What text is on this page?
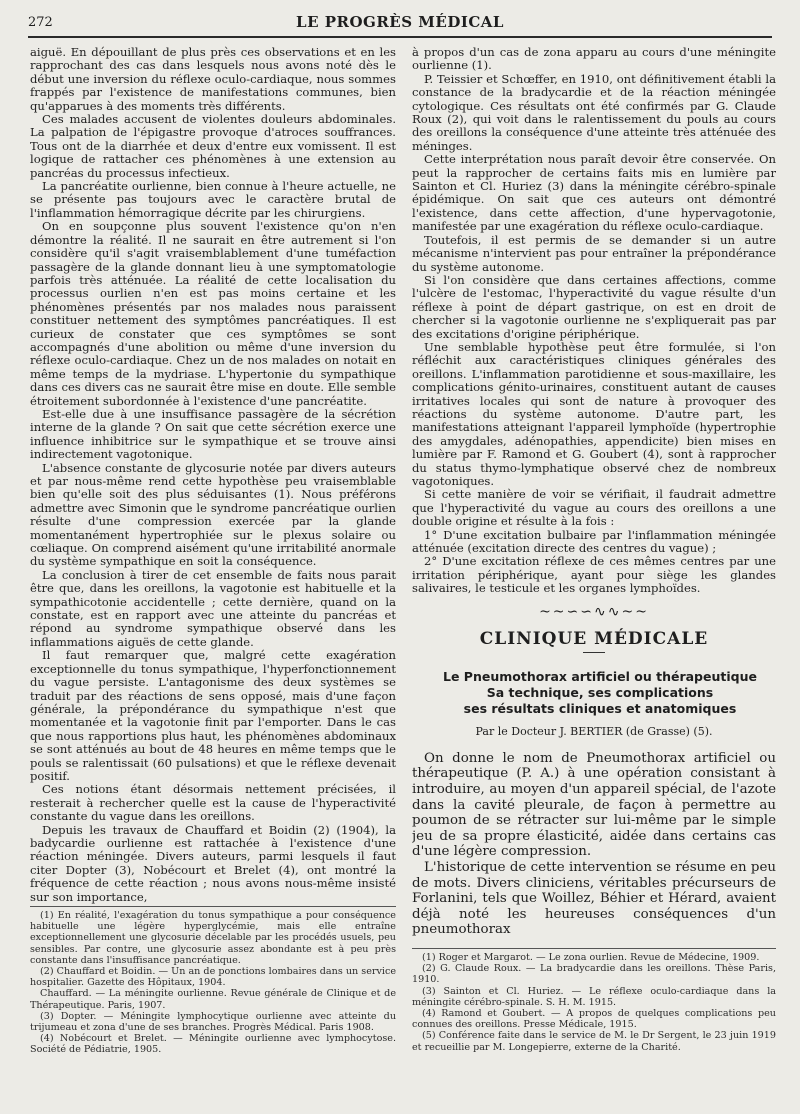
272	LE PROGRÈS MÉDICAL

aiguë. En dépouillant de plus près ces observations et en les rapprochant des cas dans lesquels nous avons noté dès le début une inversion du réflexe oculo-cardiaque, nous sommes frappés par l'existence de manifestations communes, bien qu'apparues à des moments très différents.

Ces malades accusent de violentes douleurs abdominales. La palpation de l'épigastre provoque d'atroces souffrances. Tous ont de la diarrhée et deux d'entre eux vomissent. Il est logique de rattacher ces phénomènes à une extension au pancréas du processus infectieux.

La pancréatite ourlienne, bien connue à l'heure actuelle, ne se présente pas toujours avec le caractère brutal de l'inflammation hémorragique décrite par les chirurgiens.

On en soupçonne plus souvent l'existence qu'on n'en démontre la réalité. Il ne saurait en être autrement si l'on considère qu'il s'agit vraisemblablement d'une tuméfaction passagère de la glande donnant lieu à une symptomatologie parfois très atténuée. La réalité de cette localisation du processus ourlien n'en est pas moins certaine et les phénomènes présentés par nos malades nous paraissent constituer nettement des symptômes pancréatiques. Il est curieux de constater que ces symptômes se sont accompagnés d'une abolition ou même d'une inversion du réflexe oculo-cardiaque. Chez un de nos malades on notait en même temps de la mydriase. L'hypertonie du sympathique dans ces divers cas ne saurait être mise en doute. Elle semble étroitement subordonnée à l'existence d'une pancréatite.

Est-elle due à une insuffisance passagère de la sécrétion interne de la glande ? On sait que cette sécrétion exerce une influence inhibitrice sur le sympathique et se trouve ainsi indirectement vagotonique.

L'absence constante de glycosurie notée par divers auteurs et par nous-même rend cette hypothèse peu vraisemblable bien qu'elle soit des plus séduisantes (1). Nous préférons admettre avec Simonin que le syndrome pancréatique ourlien résulte d'une compression exercée par la glande momentanément hypertrophiée sur le plexus solaire ou cœliaque. On comprend aisément qu'une irritabilité anormale du système sympathique en soit la conséquence.

La conclusion à tirer de cet ensemble de faits nous parait être que, dans les oreillons, la vagotonie est habituelle et la sympathicotonie accidentelle ; cette dernière, quand on la constate, est en rapport avec une atteinte du pancréas et répond au syndrome sympathique observé dans les inflammations aiguës de cette glande.

Il faut remarquer que, malgré cette exagération exceptionnelle du tonus sympathique, l'hyperfonctionnement du vague persiste. L'antagonisme des deux systèmes se traduit par des réactions de sens opposé, mais d'une façon générale, la prépondérance du sympathique n'est que momentanée et la vagotonie finit par l'emporter. Dans le cas que nous rapportions plus haut, les phénomènes abdominaux se sont atténués au bout de 48 heures en même temps que le pouls se ralentissait (60 pulsations) et que le réflexe devenait positif.

Ces notions étant désormais nettement précisées, il resterait à rechercher quelle est la cause de l'hyperactivité constante du vague dans les oreillons.

Depuis les travaux de Chauffard et Boidin (2) (1904), la badycardie ourlienne est rattachée à l'existence d'une réaction méningée. Divers auteurs, parmi lesquels il faut citer Dopter (3), Nobécourt et Brelet (4), ont montré la fréquence de cette réaction ; nous avons nous-même insisté sur son importance,

(1) En réalité, l'exagération du tonus sympathique a pour conséquence habituelle une légère hyperglycémie, mais elle entraîne exceptionnellement une glycosurie décelable par les procédés usuels, peu sensibles. Par contre, une glycosurie assez abondante est à peu près constante dans l'insuffisance pancréatique.

(2) Chauffard et Boidin. — Un an de ponctions lombaires dans un service hospitalier. Gazette des Hôpitaux, 1904.

Chauffard. — La méningite ourlienne. Revue générale de Clinique et de Thérapeutique. Paris, 1907.

(3) Dopter. — Méningite lymphocytique ourlienne avec atteinte du trijumeau et zona d'une de ses branches. Progrès Médical. Paris 1908.

(4) Nobécourt et Brelet. — Méningite ourlienne avec lymphocytose. Société de Pédiatrie, 1905.

à propos d'un cas de zona apparu au cours d'une méningite ourlienne (1).

P. Teissier et Schœffer, en 1910, ont définitivement établi la constance de la bradycardie et de la réaction méningée cytologique. Ces résultats ont été confirmés par G. Claude Roux (2), qui voit dans le ralentissement du pouls au cours des oreillons la conséquence d'une atteinte très atténuée des méninges.

Cette interprétation nous paraît devoir être conservée. On peut la rapprocher de certains faits mis en lumière par Sainton et Cl. Huriez (3) dans la méningite cérébro-spinale épidémique. On sait que ces auteurs ont démontré l'existence, dans cette affection, d'une hypervagotonie, manifestée par une exagération du réflexe oculo-cardiaque.

Toutefois, il est permis de se demander si un autre mécanisme n'intervient pas pour entraîner la prépondérance du système autonome.

Si l'on considère que dans certaines affections, comme l'ulcère de l'estomac, l'hyperactivité du vague résulte d'un réflexe à point de départ gastrique, on est en droit de chercher si la vagotonie ourlienne ne s'expliquerait pas par des excitations d'origine périphérique.

Une semblable hypothèse peut être formulée, si l'on réfléchit aux caractéristiques cliniques générales des oreillons. L'inflammation parotidienne et sous-maxillaire, les complications génito-urinaires, constituent autant de causes irritatives locales qui sont de nature à provoquer des réactions du système autonome. D'autre part, les manifestations atteignant l'appareil lymphoïde (hypertrophie des amygdales, adénopathies, appendicite) bien mises en lumière par F. Ramond et G. Goubert (4), sont à rapprocher du status thymo-lymphatique observé chez de nombreux vagotoniques.

Si cette manière de voir se vérifiait, il faudrait admettre que l'hyperactivité du vague au cours des oreillons a une double origine et résulte à la fois :

1° D'une excitation bulbaire par l'inflammation méningée atténuée (excitation directe des centres du vague) ;

2° D'une excitation réflexe de ces mêmes centres par une irritation périphérique, ayant pour siège les glandes salivaires, le testicule et les organes lymphoïdes.

~~∽∽∿∿~~
CLINIQUE MÉDICALE

Le Pneumothorax artificiel ou thérapeutique

Sa technique, ses complications

ses résultats cliniques et anatomiques

Par le Docteur J. BERTIER (de Grasse) (5).

On donne le nom de Pneumothorax artificiel ou thérapeutique (P. A.) à une opération consistant à introduire, au moyen d'un appareil spécial, de l'azote dans la cavité pleurale, de façon à permettre au poumon de se rétracter sur lui-même par le simple jeu de sa propre élasticité, aidée dans certains cas d'une légère compression.

L'historique de cette intervention se résume en peu de mots. Divers cliniciens, véritables précurseurs de Forlanini, tels que Woillez, Béhier et Hérard, avaient déjà noté les heureuses conséquences d'un pneumothorax

(1) Roger et Margarot. — Le zona ourlien. Revue de Médecine, 1909.

(2) G. Claude Roux. — La bradycardie dans les oreillons. Thèse Paris, 1910.

(3) Sainton et Cl. Huriez. — Le réflexe oculo-cardiaque dans la méningite cérébro-spinale. S. H. M. 1915.

(4) Ramond et Goubert. — A propos de quelques complications peu connues des oreillons. Presse Médicale, 1915.

(5) Conférence faite dans le service de M. le Dr Sergent, le 23 juin 1919 et recueillie par M. Longepierre, externe de la Charité.
